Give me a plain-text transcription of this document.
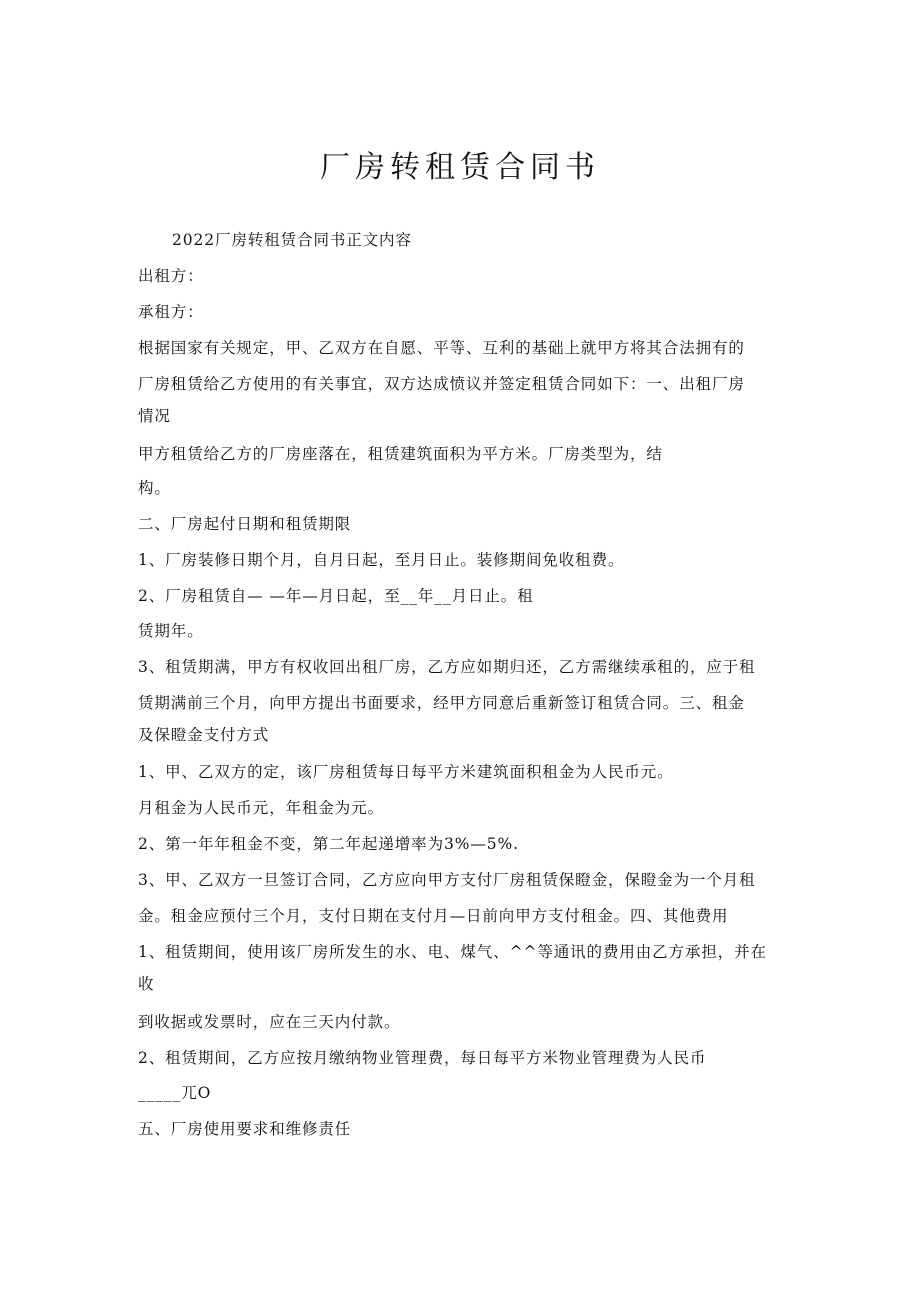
厂房转租赁合同书
2022厂房转租赁合同书正文内容
出租方：
承租方：
根据国家有关规定，甲、乙双方在自愿、平等、互利的基础上就甲方将其合法拥有的
厂房租赁给乙方使用的有关事宜，双方达成愤议并签定租赁合同如下：一、出租厂房
情况
甲方租赁给乙方的厂房座落在，租赁建筑面积为平方米。厂房类型为，结
构。
二、厂房起付日期和租赁期限
1、厂房装修日期个月，自月日起，至月日止。装修期间免收租费。
2、厂房租赁自— —年—月日起，至__年__月日止。租
赁期年。
3、租赁期满，甲方有权收回出租厂房，乙方应如期归还，乙方需继续承租的，应于租
赁期满前三个月，向甲方提出书面要求，经甲方同意后重新签订租赁合同。三、租金
及保瞪金支付方式
1、甲、乙双方的定，该厂房租赁每日每平方米建筑面积租金为人民币元。
月租金为人民币元，年租金为元。
2、第一年年租金不变，第二年起递增率为3%—5%.
3、甲、乙双方一旦签订合同，乙方应向甲方支付厂房租赁保瞪金，保瞪金为一个月租
金。租金应预付三个月，支付日期在支付月—日前向甲方支付租金。四、其他费用
1、租赁期间，使用该厂房所发生的水、电、煤气、^^等通讯的费用由乙方承担，并在
收
到收据或发票时，应在三天内付款。
2、租赁期间，乙方应按月缴纳物业管理费，每日每平方米物业管理费为人民币
_____兀O
五、厂房使用要求和维修责任
